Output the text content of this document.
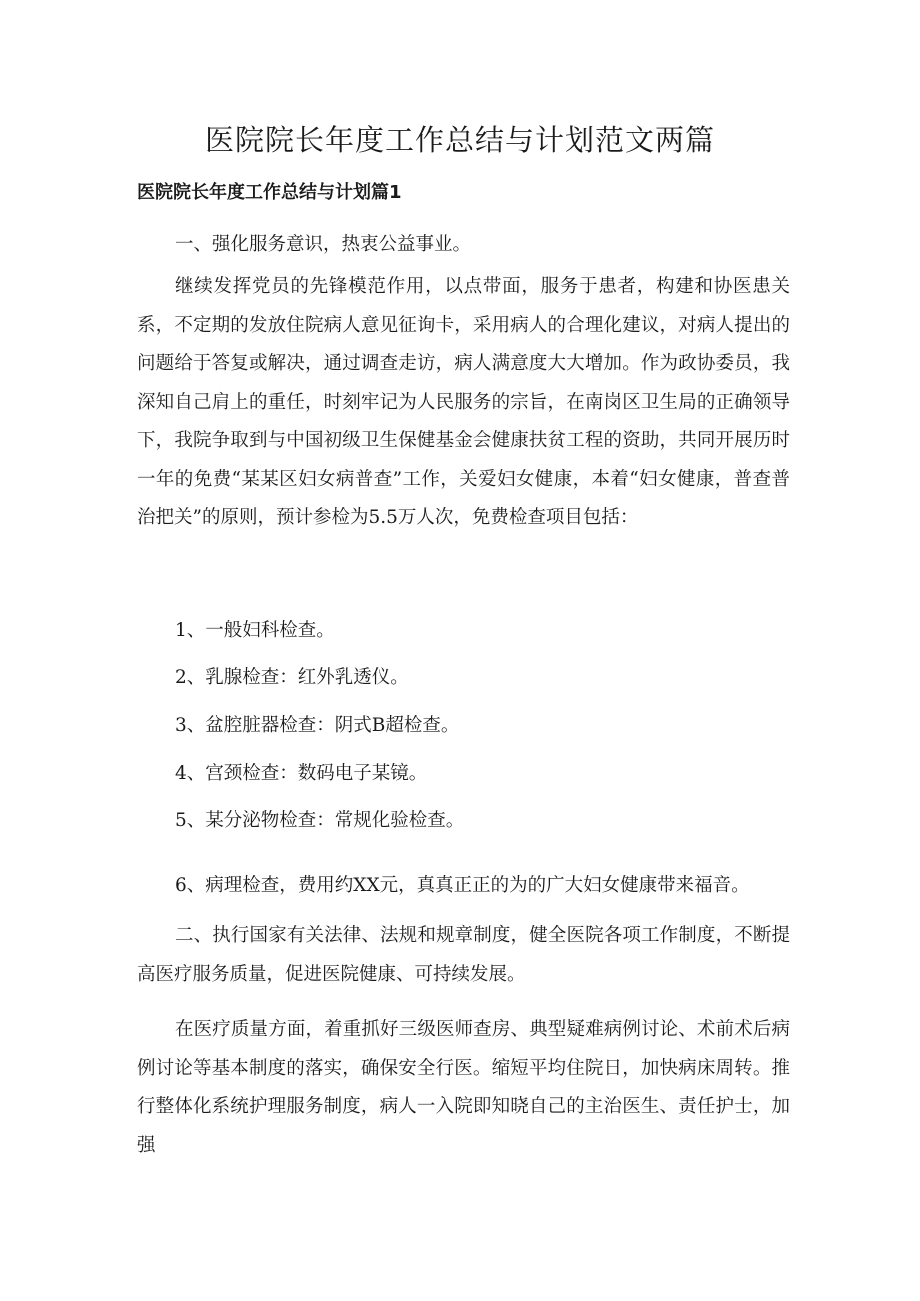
医院院长年度工作总结与计划范文两篇
医院院长年度工作总结与计划篇1

一、强化服务意识，热衷公益事业。

继续发挥党员的先锋模范作用，以点带面，服务于患者，构建和协医患关系，不定期的发放住院病人意见征询卡，采用病人的合理化建议，对病人提出的问题给于答复或解决，通过调查走访，病人满意度大大增加。作为政协委员，我深知自己肩上的重任，时刻牢记为人民服务的宗旨，在南岗区卫生局的正确领导下，我院争取到与中国初级卫生保健基金会健康扶贫工程的资助，共同开展历时一年的免费“某某区妇女病普查”工作，关爱妇女健康，本着“妇女健康，普查普治把关”的原则，预计参检为5.5万人次，免费检查项目包括：

1、一般妇科检查。

2、乳腺检查：红外乳透仪。

3、盆腔脏器检查：阴式B超检查。

4、宫颈检查：数码电子某镜。

5、某分泌物检查：常规化验检查。

6、病理检查，费用约XX元，真真正正的为的广大妇女健康带来福音。

二、执行国家有关法律、法规和规章制度，健全医院各项工作制度，不断提高医疗服务质量，促进医院健康、可持续发展。

在医疗质量方面，着重抓好三级医师查房、典型疑难病例讨论、术前术后病例讨论等基本制度的落实，确保安全行医。缩短平均住院日，加快病床周转。推行整体化系统护理服务制度，病人一入院即知晓自己的主治医生、责任护士，加强
